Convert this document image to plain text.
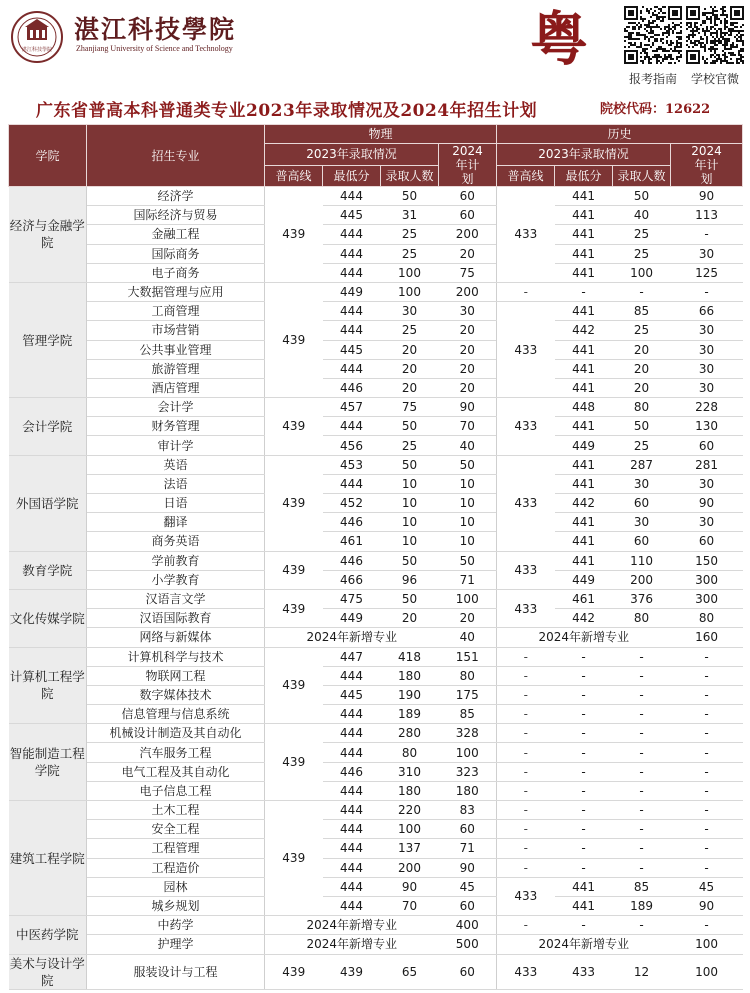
湛江科技學院
湛江科技學院
Zhanjiang University of Science and Technology	粤
报考指南	学校官微
广东省普高本科普通类专业2023年录取情况及2024年招生计划	院校代码：12622
学院	招生专业	物理				历史			
		2023年录取情况			2024年计划	2023年录取情况			2024年计划
		普高线	最低分	录取人数		普高线	最低分	录取人数	
经济与金融学院	经济学	439	444	50	60	433	441	50	90
	国际经济与贸易		445	31	60		441	40	113
	金融工程		444	25	200		441	25	-
	国际商务		444	25	20		441	25	30
	电子商务		444	100	75		441	100	125
管理学院	大数据管理与应用	439	449	100	200	-	-	-	-
	工商管理		444	30	30	433	441	85	66
	市场营销		444	25	20		442	25	30
	公共事业管理		445	20	20		441	20	30
	旅游管理		444	20	20		441	20	30
	酒店管理		446	20	20		441	20	30
会计学院	会计学	439	457	75	90	433	448	80	228
	财务管理		444	50	70		441	50	130
	审计学		456	25	40		449	25	60
外国语学院	英语	439	453	50	50	433	441	287	281
	法语		444	10	10		441	30	30
	日语		452	10	10		442	60	90
	翻译		446	10	10		441	30	30
	商务英语		461	10	10		441	60	60
教育学院	学前教育	439	446	50	50	433	441	110	150
	小学教育		466	96	71		449	200	300
文化传媒学院	汉语言文学	439	475	50	100	433	461	376	300
	汉语国际教育		449	20	20		442	80	80
	网络与新媒体	2024年新增专业			40	2024年新增专业			160
计算机工程学院	计算机科学与技术	439	447	418	151	-	-	-	-
	物联网工程		444	180	80	-	-	-	-
	数字媒体技术		445	190	175	-	-	-	-
	信息管理与信息系统		444	189	85	-	-	-	-
智能制造工程学院	机械设计制造及其自动化	439	444	280	328	-	-	-	-
	汽车服务工程		444	80	100	-	-	-	-
	电气工程及其自动化		446	310	323	-	-	-	-
	电子信息工程		444	180	180	-	-	-	-
建筑工程学院	土木工程	439	444	220	83	-	-	-	-
	安全工程		444	100	60	-	-	-	-
	工程管理		444	137	71	-	-	-	-
	工程造价		444	200	90	-	-	-	-
	园林		444	90	45	433	441	85	45
	城乡规划		444	70	60		441	189	90
中医药学院	中药学	2024年新增专业			400	-	-	-	-
	护理学	2024年新增专业			500	2024年新增专业			100
美术与设计学院	服装设计与工程	439	439	65	60	433	433	12	100
